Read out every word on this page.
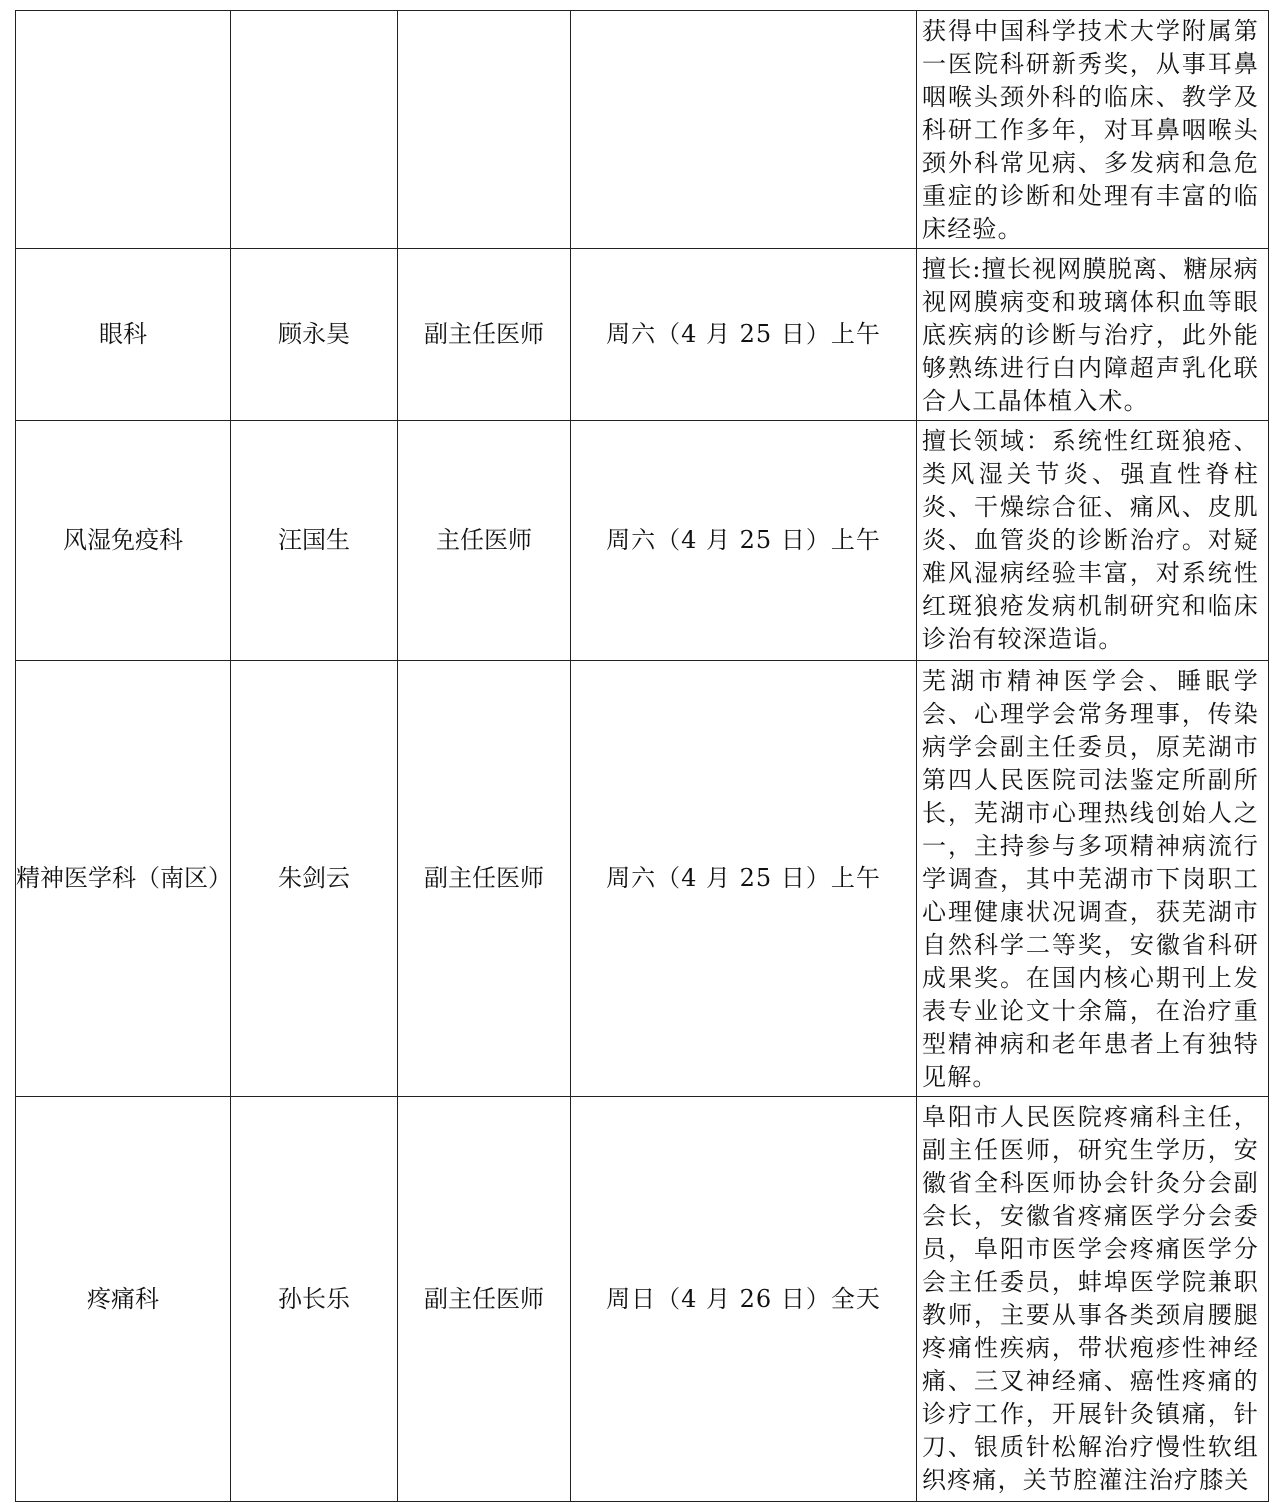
				获得中国科学技术大学附属第一医院科研新秀奖，从事耳鼻咽喉头颈外科的临床、教学及科研工作多年，对耳鼻咽喉头颈外科常见病、多发病和急危重症的诊断和处理有丰富的临床经验。
眼科	顾永昊	副主任医师	周六（4 月 25 日）上午	擅长:擅长视网膜脱离、糖尿病视网膜病变和玻璃体积血等眼底疾病的诊断与治疗，此外能够熟练进行白内障超声乳化联合人工晶体植入术。
风湿免疫科	汪国生	主任医师	周六（4 月 25 日）上午	擅长领域：系统性红斑狼疮、类风湿关节炎、强直性脊柱炎、干燥综合征、痛风、皮肌炎、血管炎的诊断治疗。对疑难风湿病经验丰富，对系统性红斑狼疮发病机制研究和临床诊治有较深造诣。
精神医学科（南区）	朱剑云	副主任医师	周六（4 月 25 日）上午	芜湖市精神医学会、睡眠学会、心理学会常务理事，传染病学会副主任委员，原芜湖市第四人民医院司法鉴定所副所长，芜湖市心理热线创始人之一，主持参与多项精神病流行学调查，其中芜湖市下岗职工心理健康状况调查，获芜湖市自然科学二等奖，安徽省科研成果奖。在国内核心期刊上发表专业论文十余篇，在治疗重型精神病和老年患者上有独特见解。
疼痛科	孙长乐	副主任医师	周日（4 月 26 日）全天	阜阳市人民医院疼痛科主任，副主任医师，研究生学历，安徽省全科医师协会针灸分会副会长，安徽省疼痛医学分会委员，阜阳市医学会疼痛医学分会主任委员，蚌埠医学院兼职教师，主要从事各类颈肩腰腿疼痛性疾病，带状疱疹性神经痛、三叉神经痛、癌性疼痛的诊疗工作，开展针灸镇痛，针刀、银质针松解治疗慢性软组织疼痛，关节腔灌注治疗膝关
